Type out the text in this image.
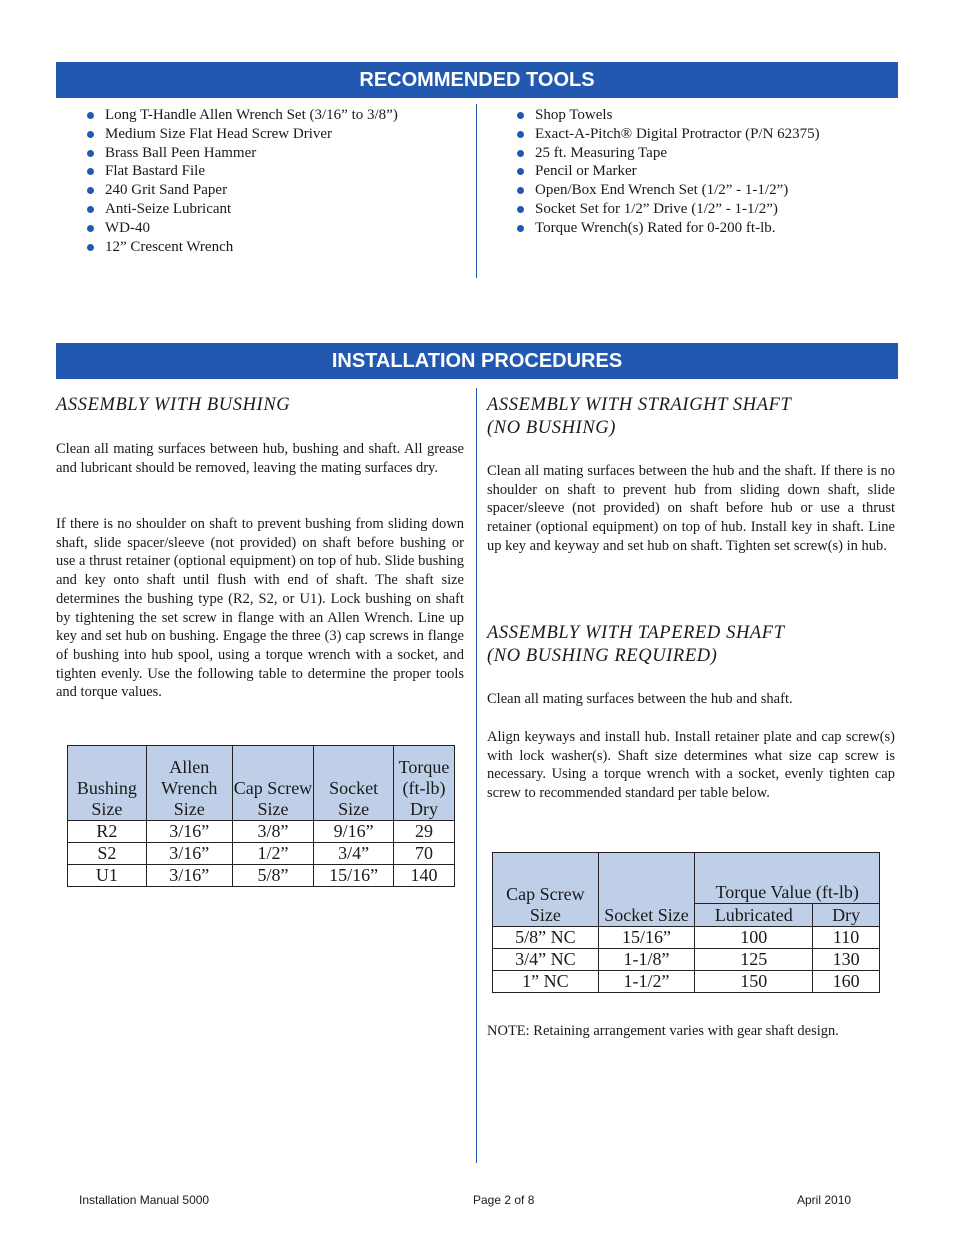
RECOMMENDED TOOLS
Long T-Handle Allen Wrench Set (3/16” to 3/8”)
Medium Size Flat Head Screw Driver
Brass Ball Peen Hammer
Flat Bastard File
240 Grit Sand Paper
Anti-Seize Lubricant
WD-40
12” Crescent Wrench
Shop Towels
Exact-A-Pitch® Digital Protractor (P/N 62375)
25 ft. Measuring Tape
Pencil or Marker
Open/Box End Wrench Set (1/2” - 1-1/2”)
Socket Set for 1/2” Drive (1/2” - 1-1/2”)
Torque Wrench(s) Rated for 0-200 ft-lb.
INSTALLATION PROCEDURES
ASSEMBLY WITH BUSHING
Clean all mating surfaces between hub, bushing and shaft. All grease and lubricant should be removed, leaving the mating surfaces dry.
If there is no shoulder on shaft to prevent bushing from sliding down shaft, slide spacer/sleeve (not provided) on shaft before bushing or use a thrust retainer (optional equipment) on top of hub. Slide bushing and key onto shaft until flush with end of shaft. The shaft size determines the bushing type (R2, S2, or U1). Lock bushing on shaft by tightening the set screw in flange with an Allen Wrench. Line up key and set hub on bushing. Engage the three (3) cap screws in flange of bushing into hub spool, using a torque wrench with a socket, and tighten evenly. Use the following table to determine the proper tools and torque values.
Bushing Size	Allen Wrench Size	Cap Screw Size	Socket Size	Torque (ft-lb) Dry
R2	3/16”	3/8”	9/16”	29
S2	3/16”	1/2”	3/4”	70
U1	3/16”	5/8”	15/16”	140
ASSEMBLY WITH STRAIGHT SHAFT
(NO BUSHING)
Clean all mating surfaces between the hub and the shaft. If there is no shoulder on shaft to prevent hub from sliding down shaft, slide spacer/sleeve (not provided) on shaft before hub or use a thrust retainer (optional equipment) on top of hub. Install key in shaft. Line up key and keyway and set hub on shaft. Tighten set screw(s) in hub.
ASSEMBLY WITH TAPERED SHAFT
(NO BUSHING REQUIRED)
Clean all mating surfaces between the hub and shaft.
Align keyways and install hub. Install retainer plate and cap screw(s) with lock washer(s). Shaft size determines what size cap screw is necessary. Using a torque wrench with a socket, evenly tighten cap screw to recommended standard per table below.
Cap Screw Size	Socket Size	Torque Value (ft-lb)	
		Lubricated	Dry
5/8” NC	15/16”	100	110
3/4” NC	1-1/8”	125	130
1” NC	1-1/2”	150	160
NOTE: Retaining arrangement varies with gear shaft design.
Installation Manual 5000	Page 2 of 8	April 2010
